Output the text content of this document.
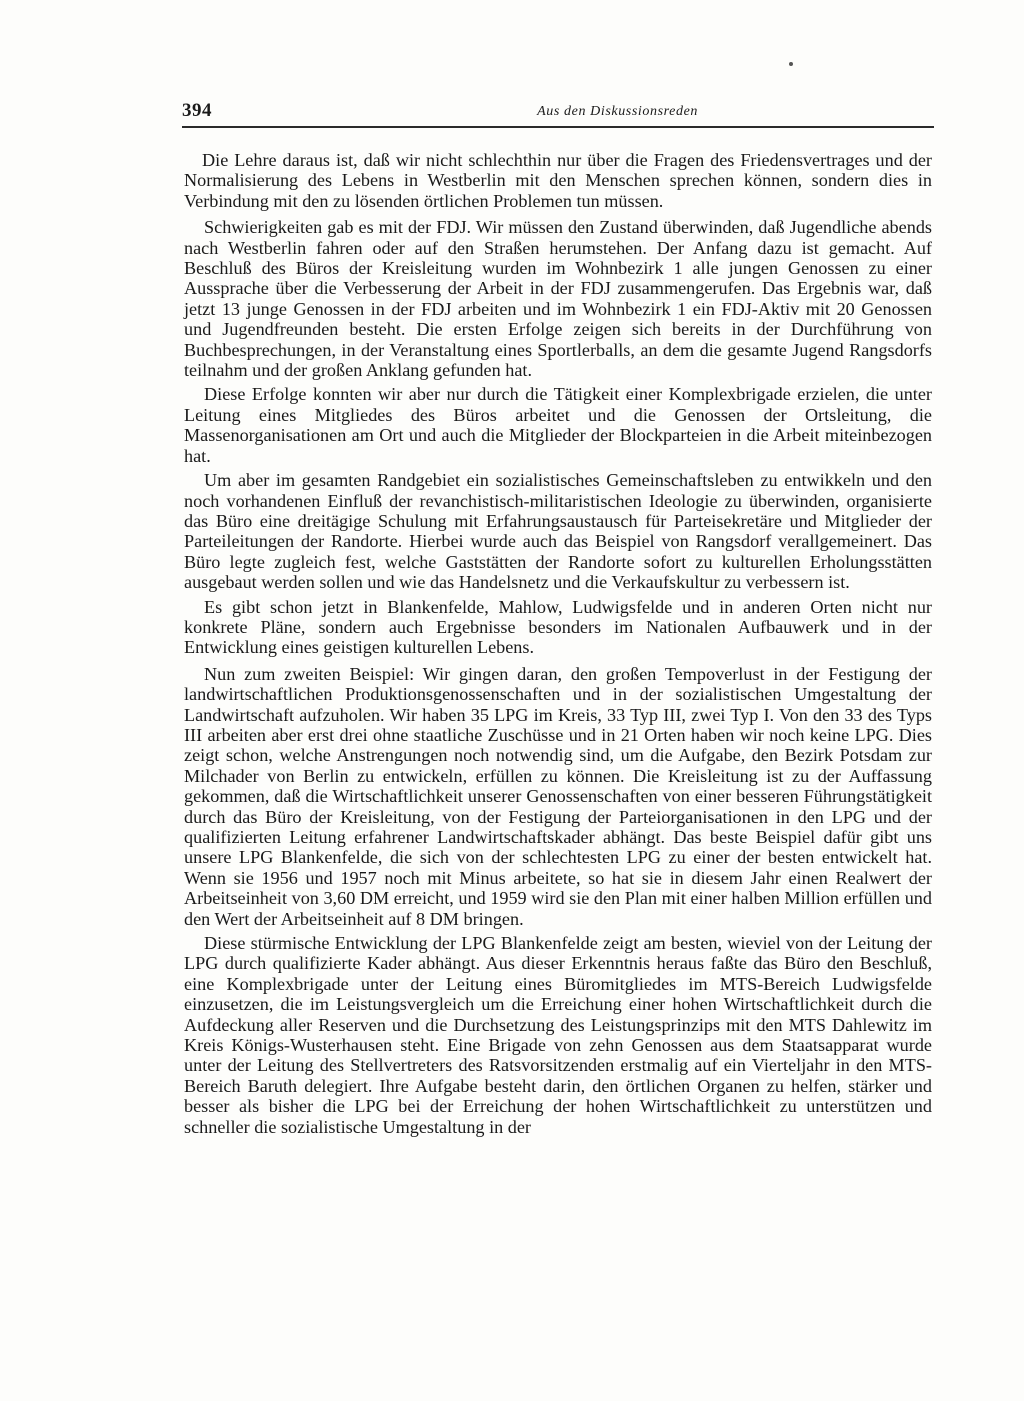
394	Aus den Diskussionsreden

Die Lehre daraus ist, daß wir nicht schlechthin nur über die Fragen des Friedensvertrages und der Normalisierung des Lebens in Westberlin mit den Menschen sprechen können, sondern dies in Verbindung mit den zu lösenden örtlichen Problemen tun müssen.

Schwierigkeiten gab es mit der FDJ. Wir müssen den Zustand überwinden, daß Jugendliche abends nach Westberlin fahren oder auf den Straßen herumstehen. Der Anfang dazu ist gemacht. Auf Beschluß des Büros der Kreisleitung wurden im Wohnbezirk 1 alle jungen Genossen zu einer Aussprache über die Verbesserung der Arbeit in der FDJ zusammengerufen. Das Ergebnis war, daß jetzt 13 junge Genossen in der FDJ arbeiten und im Wohnbezirk 1 ein FDJ-Aktiv mit 20 Genossen und Jugendfreunden besteht. Die ersten Erfolge zeigen sich bereits in der Durchführung von Buchbesprechungen, in der Veranstaltung eines Sportlerballs, an dem die gesamte Jugend Rangsdorfs teilnahm und der großen Anklang gefunden hat.

Diese Erfolge konnten wir aber nur durch die Tätigkeit einer Komplexbrigade erzielen, die unter Leitung eines Mitgliedes des Büros arbeitet und die Genossen der Ortsleitung, die Massenorganisationen am Ort und auch die Mitglieder der Blockparteien in die Arbeit miteinbezogen hat.

Um aber im gesamten Randgebiet ein sozialistisches Gemeinschaftsleben zu entwikkeln und den noch vorhandenen Einfluß der revanchistisch-militaristischen Ideologie zu überwinden, organisierte das Büro eine dreitägige Schulung mit Erfahrungsaustausch für Parteisekretäre und Mitglieder der Parteileitungen der Randorte. Hierbei wurde auch das Beispiel von Rangsdorf verallgemeinert. Das Büro legte zugleich fest, welche Gaststätten der Randorte sofort zu kulturellen Erholungsstätten ausgebaut werden sollen und wie das Handelsnetz und die Verkaufskultur zu verbessern ist.

Es gibt schon jetzt in Blankenfelde, Mahlow, Ludwigsfelde und in anderen Orten nicht nur konkrete Pläne, sondern auch Ergebnisse besonders im Nationalen Aufbauwerk und in der Entwicklung eines geistigen kulturellen Lebens.

Nun zum zweiten Beispiel: Wir gingen daran, den großen Tempoverlust in der Festigung der landwirtschaftlichen Produktionsgenossenschaften und in der sozialistischen Umgestaltung der Landwirtschaft aufzuholen. Wir haben 35 LPG im Kreis, 33 Typ III, zwei Typ I. Von den 33 des Typs III arbeiten aber erst drei ohne staatliche Zuschüsse und in 21 Orten haben wir noch keine LPG. Dies zeigt schon, welche Anstrengungen noch notwendig sind, um die Aufgabe, den Bezirk Potsdam zur Milchader von Berlin zu entwickeln, erfüllen zu können. Die Kreisleitung ist zu der Auffassung gekommen, daß die Wirtschaftlichkeit unserer Genossenschaften von einer besseren Führungstätigkeit durch das Büro der Kreisleitung, von der Festigung der Parteiorganisationen in den LPG und der qualifizierten Leitung erfahrener Landwirtschaftskader abhängt. Das beste Beispiel dafür gibt uns unsere LPG Blankenfelde, die sich von der schlechtesten LPG zu einer der besten entwickelt hat. Wenn sie 1956 und 1957 noch mit Minus arbeitete, so hat sie in diesem Jahr einen Realwert der Arbeitseinheit von 3,60 DM erreicht, und 1959 wird sie den Plan mit einer halben Million erfüllen und den Wert der Arbeitseinheit auf 8 DM bringen.

Diese stürmische Entwicklung der LPG Blankenfelde zeigt am besten, wieviel von der Leitung der LPG durch qualifizierte Kader abhängt. Aus dieser Erkenntnis heraus faßte das Büro den Beschluß, eine Komplexbrigade unter der Leitung eines Büromitgliedes im MTS-Bereich Ludwigsfelde einzusetzen, die im Leistungsvergleich um die Erreichung einer hohen Wirtschaftlichkeit durch die Aufdeckung aller Reserven und die Durchsetzung des Leistungsprinzips mit den MTS Dahlewitz im Kreis Königs-Wusterhausen steht. Eine Brigade von zehn Genossen aus dem Staatsapparat wurde unter der Leitung des Stellvertreters des Ratsvorsitzenden erstmalig auf ein Vierteljahr in den MTS-Bereich Baruth delegiert. Ihre Aufgabe besteht darin, den örtlichen Organen zu helfen, stärker und besser als bisher die LPG bei der Erreichung der hohen Wirtschaftlichkeit zu unterstützen und schneller die sozialistische Umgestaltung in der
